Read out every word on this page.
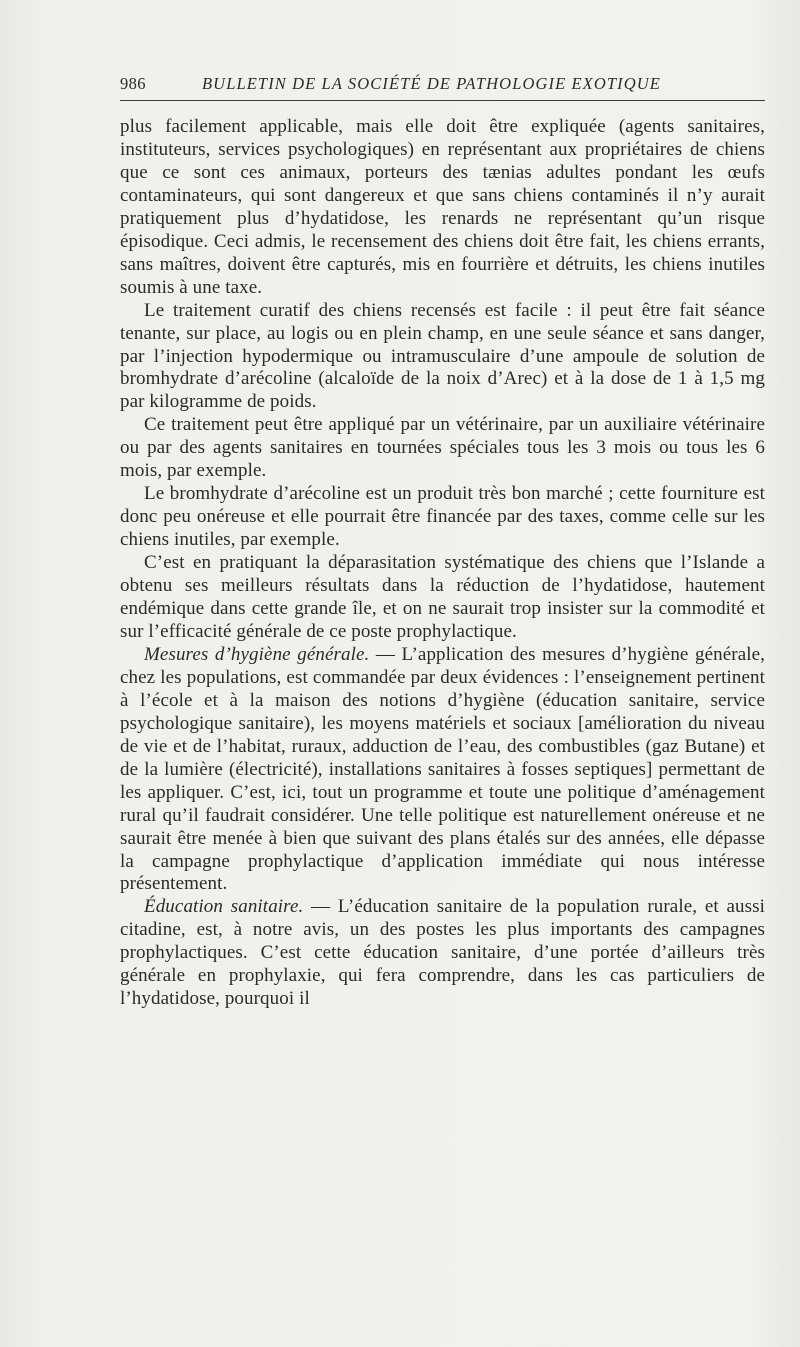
986	BULLETIN DE LA SOCIÉTÉ DE PATHOLOGIE EXOTIQUE

plus facilement applicable, mais elle doit être expliquée (agents sanitaires, instituteurs, services psychologiques) en représentant aux propriétaires de chiens que ce sont ces animaux, porteurs des tænias adultes pondant les œufs contaminateurs, qui sont dangereux et que sans chiens contaminés il n’y aurait pratiquement plus d’hydatidose, les renards ne représentant qu’un risque épisodique. Ceci admis, le recensement des chiens doit être fait, les chiens errants, sans maîtres, doivent être capturés, mis en fourrière et détruits, les chiens inutiles soumis à une taxe.

Le traitement curatif des chiens recensés est facile : il peut être fait séance tenante, sur place, au logis ou en plein champ, en une seule séance et sans danger, par l’injection hypodermique ou intramusculaire d’une ampoule de solution de bromhydrate d’arécoline (alcaloïde de la noix d’Arec) et à la dose de 1 à 1,5 mg par kilogramme de poids.

Ce traitement peut être appliqué par un vétérinaire, par un auxiliaire vétérinaire ou par des agents sanitaires en tournées spéciales tous les 3 mois ou tous les 6 mois, par exemple.

Le bromhydrate d’arécoline est un produit très bon marché ; cette fourniture est donc peu onéreuse et elle pourrait être financée par des taxes, comme celle sur les chiens inutiles, par exemple.

C’est en pratiquant la déparasitation systématique des chiens que l’Islande a obtenu ses meilleurs résultats dans la réduction de l’hydatidose, hautement endémique dans cette grande île, et on ne saurait trop insister sur la commodité et sur l’efficacité générale de ce poste prophylactique.

Mesures d’hygiène générale. — L’application des mesures d’hygiène générale, chez les populations, est commandée par deux évidences : l’enseignement pertinent à l’école et à la maison des notions d’hygiène (éducation sanitaire, service psychologique sanitaire), les moyens matériels et sociaux [amélioration du niveau de vie et de l’habitat, ruraux, adduction de l’eau, des combustibles (gaz Butane) et de la lumière (électricité), installations sanitaires à fosses septiques] permettant de les appliquer. C’est, ici, tout un programme et toute une politique d’aménagement rural qu’il faudrait considérer. Une telle politique est naturellement onéreuse et ne saurait être menée à bien que suivant des plans étalés sur des années, elle dépasse la campagne prophylactique d’application immédiate qui nous intéresse présentement.

Éducation sanitaire. — L’éducation sanitaire de la population rurale, et aussi citadine, est, à notre avis, un des postes les plus importants des campagnes prophylactiques. C’est cette éducation sanitaire, d’une portée d’ailleurs très générale en prophylaxie, qui fera comprendre, dans les cas particuliers de l’hydatidose, pourquoi il
